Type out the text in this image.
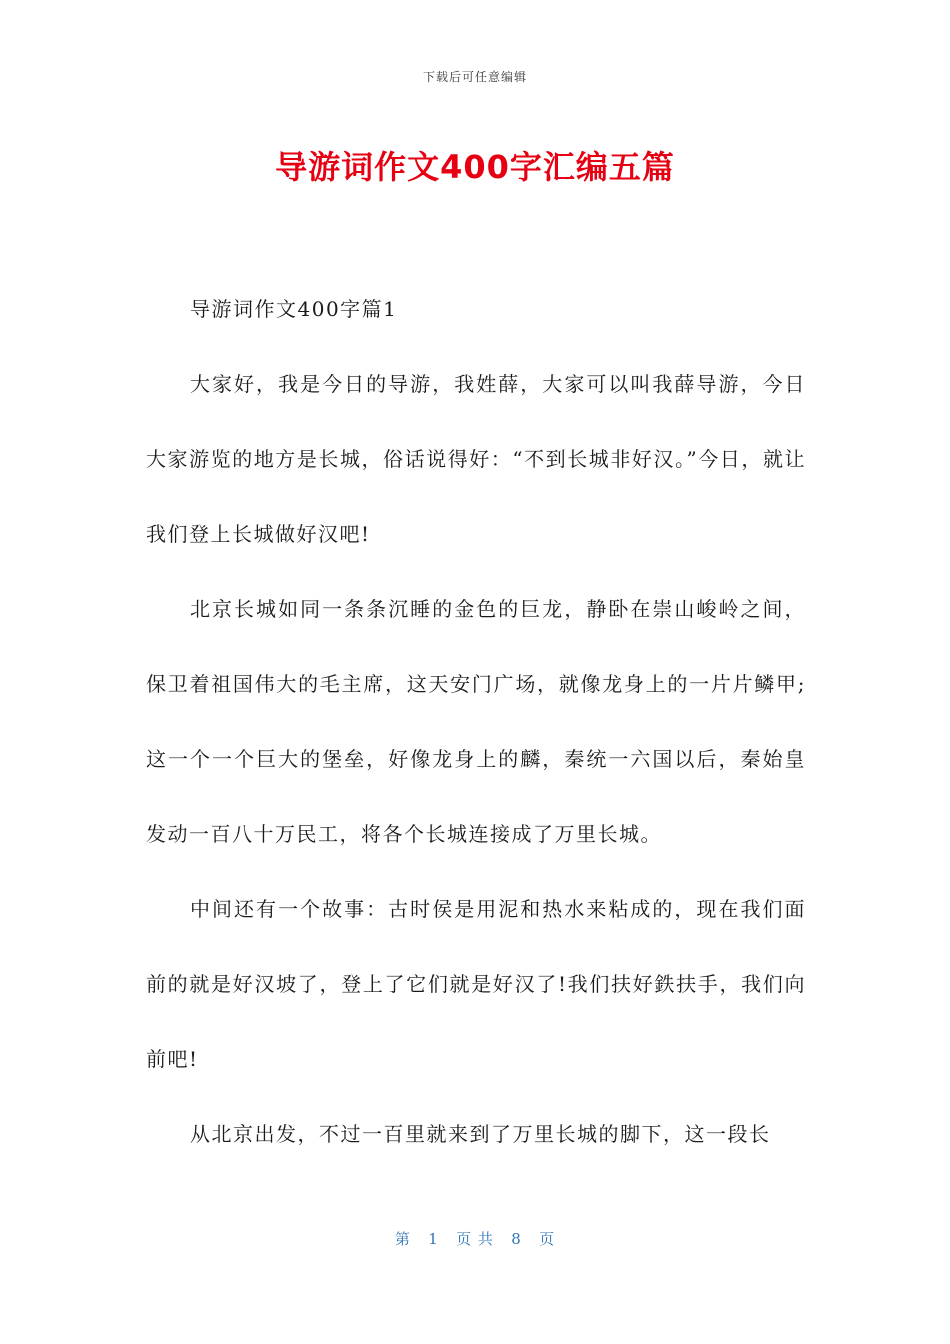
下载后可任意编辑
导游词作文400字汇编五篇

导游词作文400字篇1

大家好，我是今日的导游，我姓薛，大家可以叫我薛导游，今日大家游览的地方是长城，俗话说得好：“不到长城非好汉。”今日，就让我们登上长城做好汉吧!

北京长城如同一条条沉睡的金色的巨龙，静卧在崇山峻岭之间，保卫着祖国伟大的毛主席，这天安门广场，就像龙身上的一片片鳞甲;这一个一个巨大的堡垒，好像龙身上的麟，秦统一六国以后，秦始皇发动一百八十万民工，将各个长城连接成了万里长城。

中间还有一个故事：古时侯是用泥和热水来粘成的，现在我们面前的就是好汉坡了，登上了它们就是好汉了!我们扶好鉄扶手，我们向前吧!

从北京出发，不过一百里就来到了万里长城的脚下，这一段长

第 1 页 共 8 页
